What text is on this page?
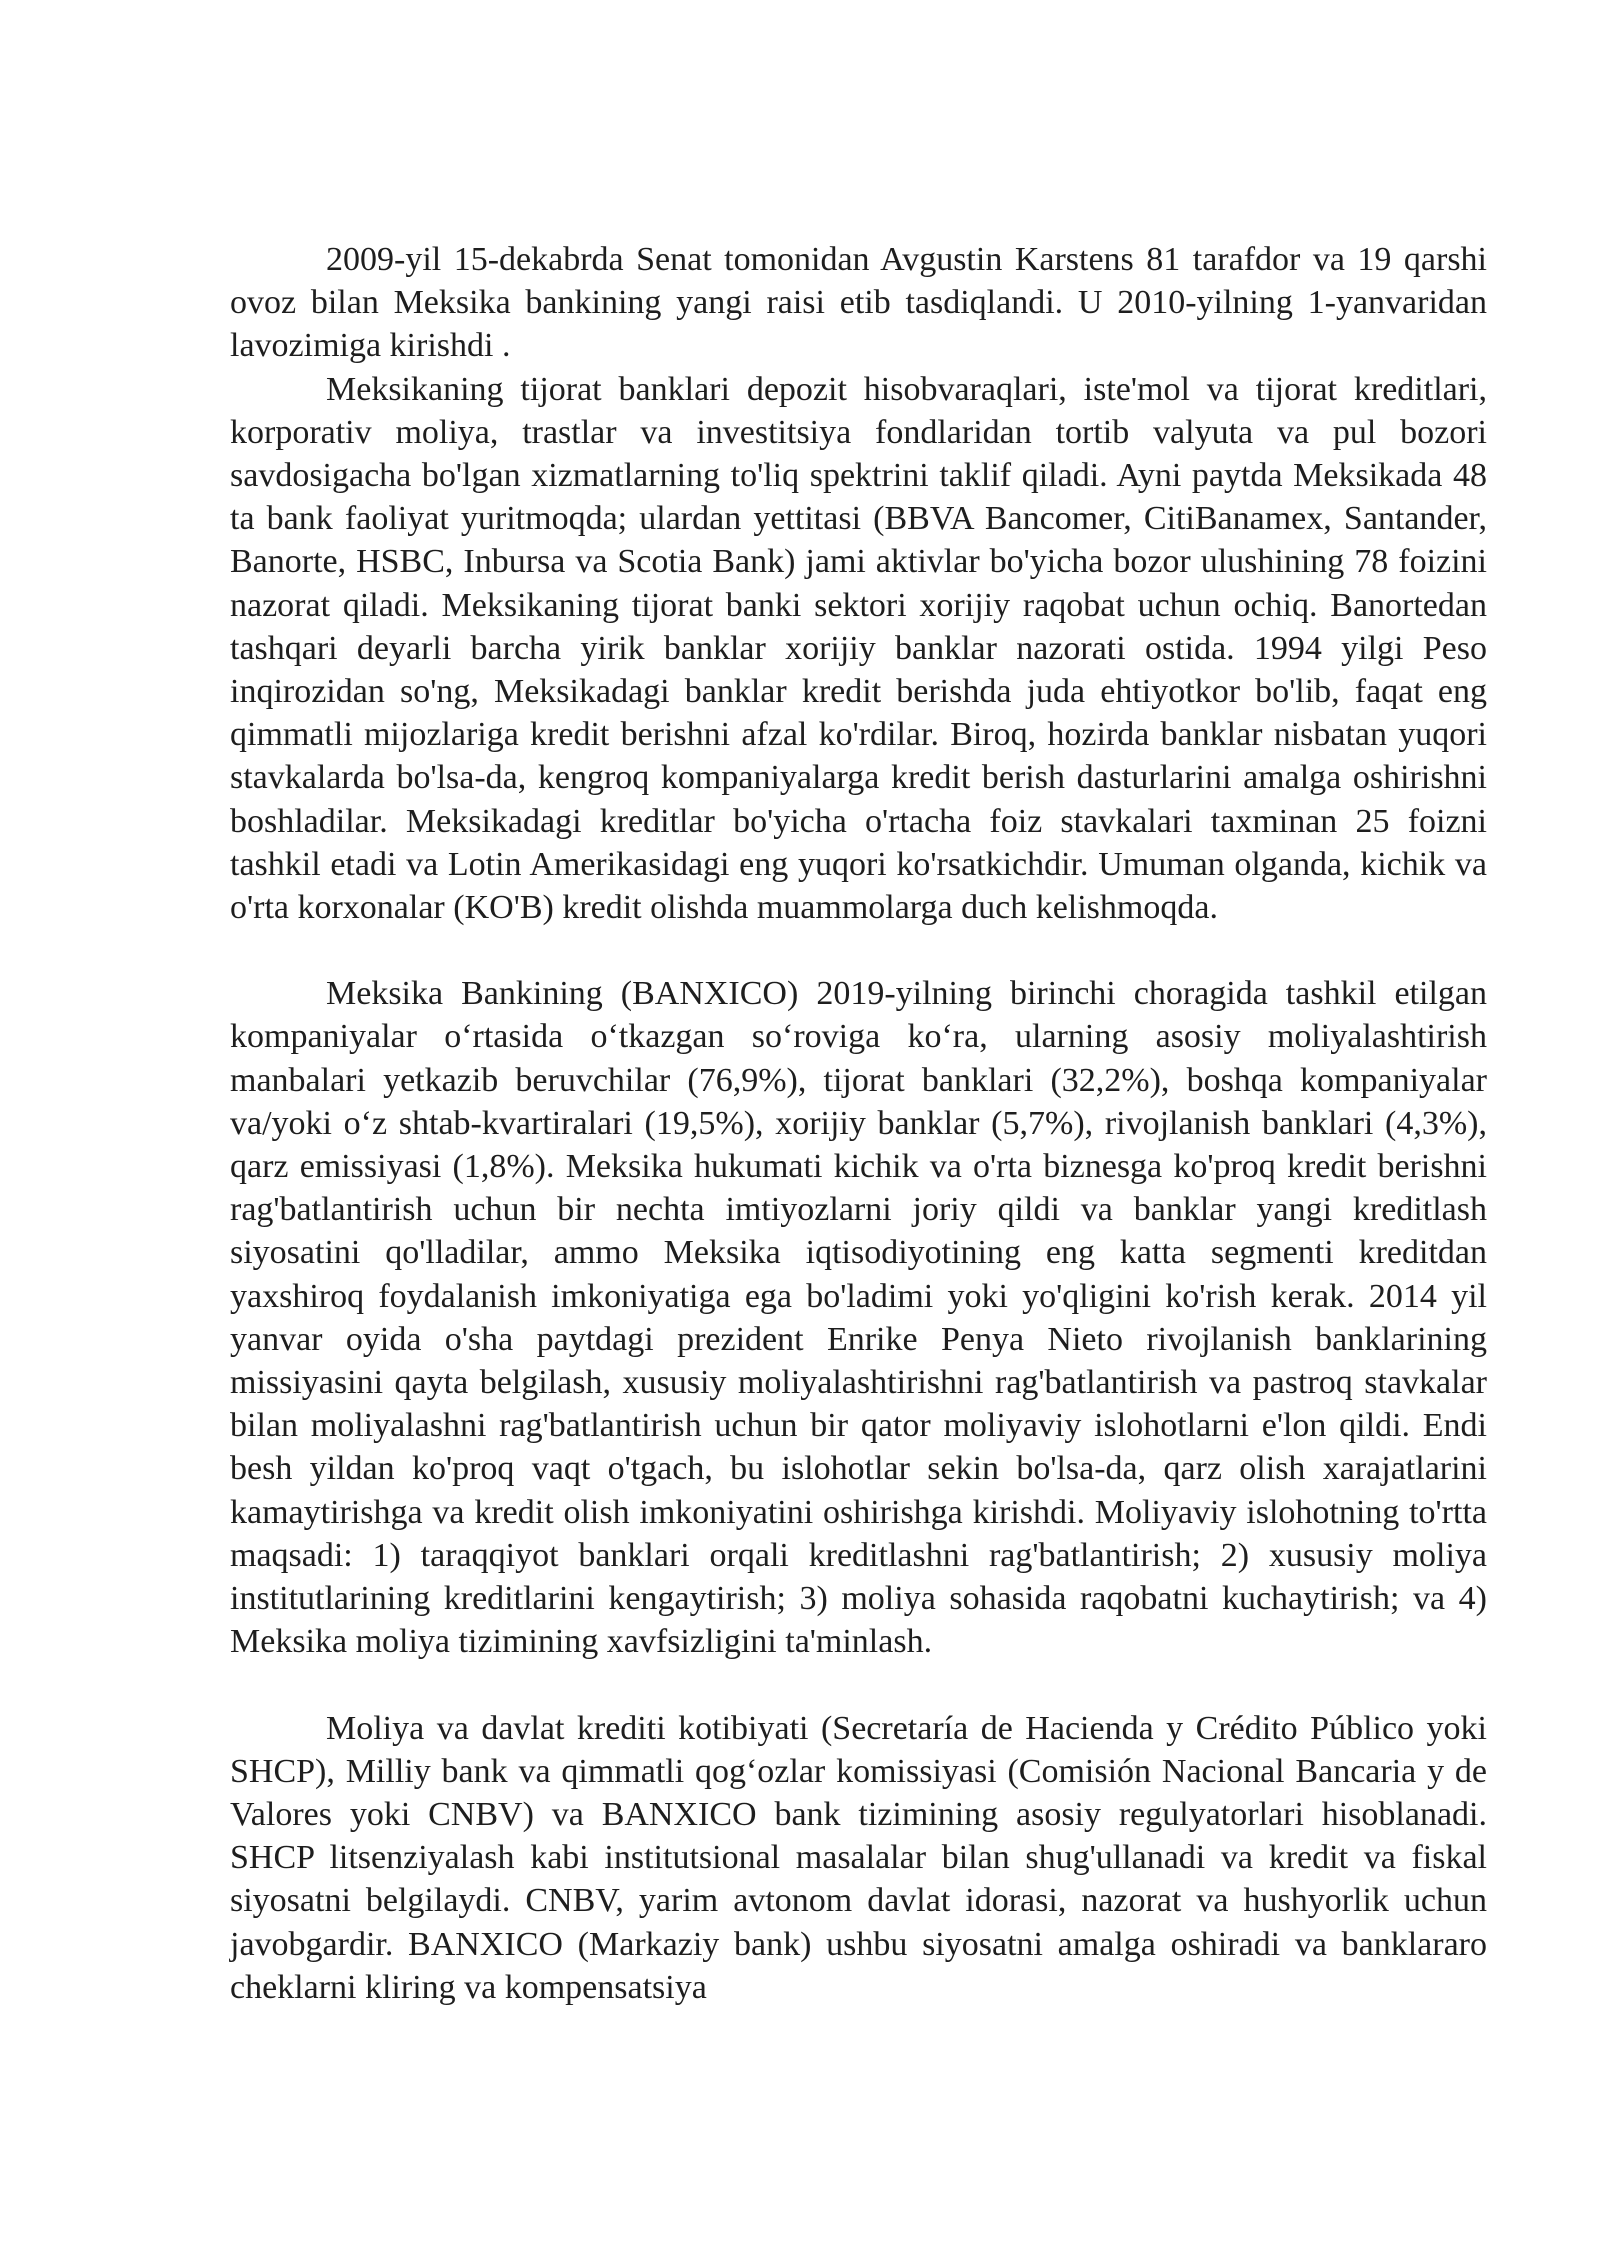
2009-yil 15-dekabrda Senat tomonidan Avgustin Karstens 81 tarafdor va 19 qarshi ovoz bilan Meksika bankining yangi raisi etib tasdiqlandi. U 2010-yilning 1-yanvaridan lavozimiga kirishdi .

Meksikaning tijorat banklari depozit hisobvaraqlari, iste'mol va tijorat kreditlari, korporativ moliya, trastlar va investitsiya fondlaridan tortib valyuta va pul bozori savdosigacha bo'lgan xizmatlarning to'liq spektrini taklif qiladi. Ayni paytda Meksikada 48 ta bank faoliyat yuritmoqda; ulardan yettitasi (BBVA Bancomer, CitiBanamex, Santander, Banorte, HSBC, Inbursa va Scotia Bank) jami aktivlar bo'yicha bozor ulushining 78 foizini nazorat qiladi. Meksikaning tijorat banki sektori xorijiy raqobat uchun ochiq. Banortedan tashqari deyarli barcha yirik banklar xorijiy banklar nazorati ostida. 1994 yilgi Peso inqirozidan so'ng, Meksikadagi banklar kredit berishda juda ehtiyotkor bo'lib, faqat eng qimmatli mijozlariga kredit berishni afzal ko'rdilar. Biroq, hozirda banklar nisbatan yuqori stavkalarda bo'lsa-da, kengroq kompaniyalarga kredit berish dasturlarini amalga oshirishni boshladilar. Meksikadagi kreditlar bo'yicha o'rtacha foiz stavkalari taxminan 25 foizni tashkil etadi va Lotin Amerikasidagi eng yuqori ko'rsatkichdir. Umuman olganda, kichik va o'rta korxonalar (KO'B) kredit olishda muammolarga duch kelishmoqda.

Meksika Bankining (BANXICO) 2019-yilning birinchi choragida tashkil etilgan kompaniyalar o‘rtasida o‘tkazgan so‘roviga ko‘ra, ularning asosiy moliyalashtirish manbalari yetkazib beruvchilar (76,9%), tijorat banklari (32,2%), boshqa kompaniyalar va/yoki o‘z shtab-kvartiralari (19,5%), xorijiy banklar (5,7%), rivojlanish banklari (4,3%), qarz emissiyasi (1,8%). Meksika hukumati kichik va o'rta biznesga ko'proq kredit berishni rag'batlantirish uchun bir nechta imtiyozlarni joriy qildi va banklar yangi kreditlash siyosatini qo'lladilar, ammo Meksika iqtisodiyotining eng katta segmenti kreditdan yaxshiroq foydalanish imkoniyatiga ega bo'ladimi yoki yo'qligini ko'rish kerak. 2014 yil yanvar oyida o'sha paytdagi prezident Enrike Penya Nieto rivojlanish banklarining missiyasini qayta belgilash, xususiy moliyalashtirishni rag'batlantirish va pastroq stavkalar bilan moliyalashni rag'batlantirish uchun bir qator moliyaviy islohotlarni e'lon qildi. Endi besh yildan ko'proq vaqt o'tgach, bu islohotlar sekin bo'lsa-da, qarz olish xarajatlarini kamaytirishga va kredit olish imkoniyatini oshirishga kirishdi. Moliyaviy islohotning to'rtta maqsadi: 1) taraqqiyot banklari orqali kreditlashni rag'batlantirish; 2) xususiy moliya institutlarining kreditlarini kengaytirish; 3) moliya sohasida raqobatni kuchaytirish; va 4) Meksika moliya tizimining xavfsizligini ta'minlash.

Moliya va davlat krediti kotibiyati (Secretaría de Hacienda y Crédito Público yoki SHCP), Milliy bank va qimmatli qog‘ozlar komissiyasi (Comisión Nacional Bancaria y de Valores yoki CNBV) va BANXICO bank tizimining asosiy regulyatorlari hisoblanadi. SHCP litsenziyalash kabi institutsional masalalar bilan shug'ullanadi va kredit va fiskal siyosatni belgilaydi. CNBV, yarim avtonom davlat idorasi, nazorat va hushyorlik uchun javobgardir. BANXICO (Markaziy bank) ushbu siyosatni amalga oshiradi va banklararo cheklarni kliring va kompensatsiya
